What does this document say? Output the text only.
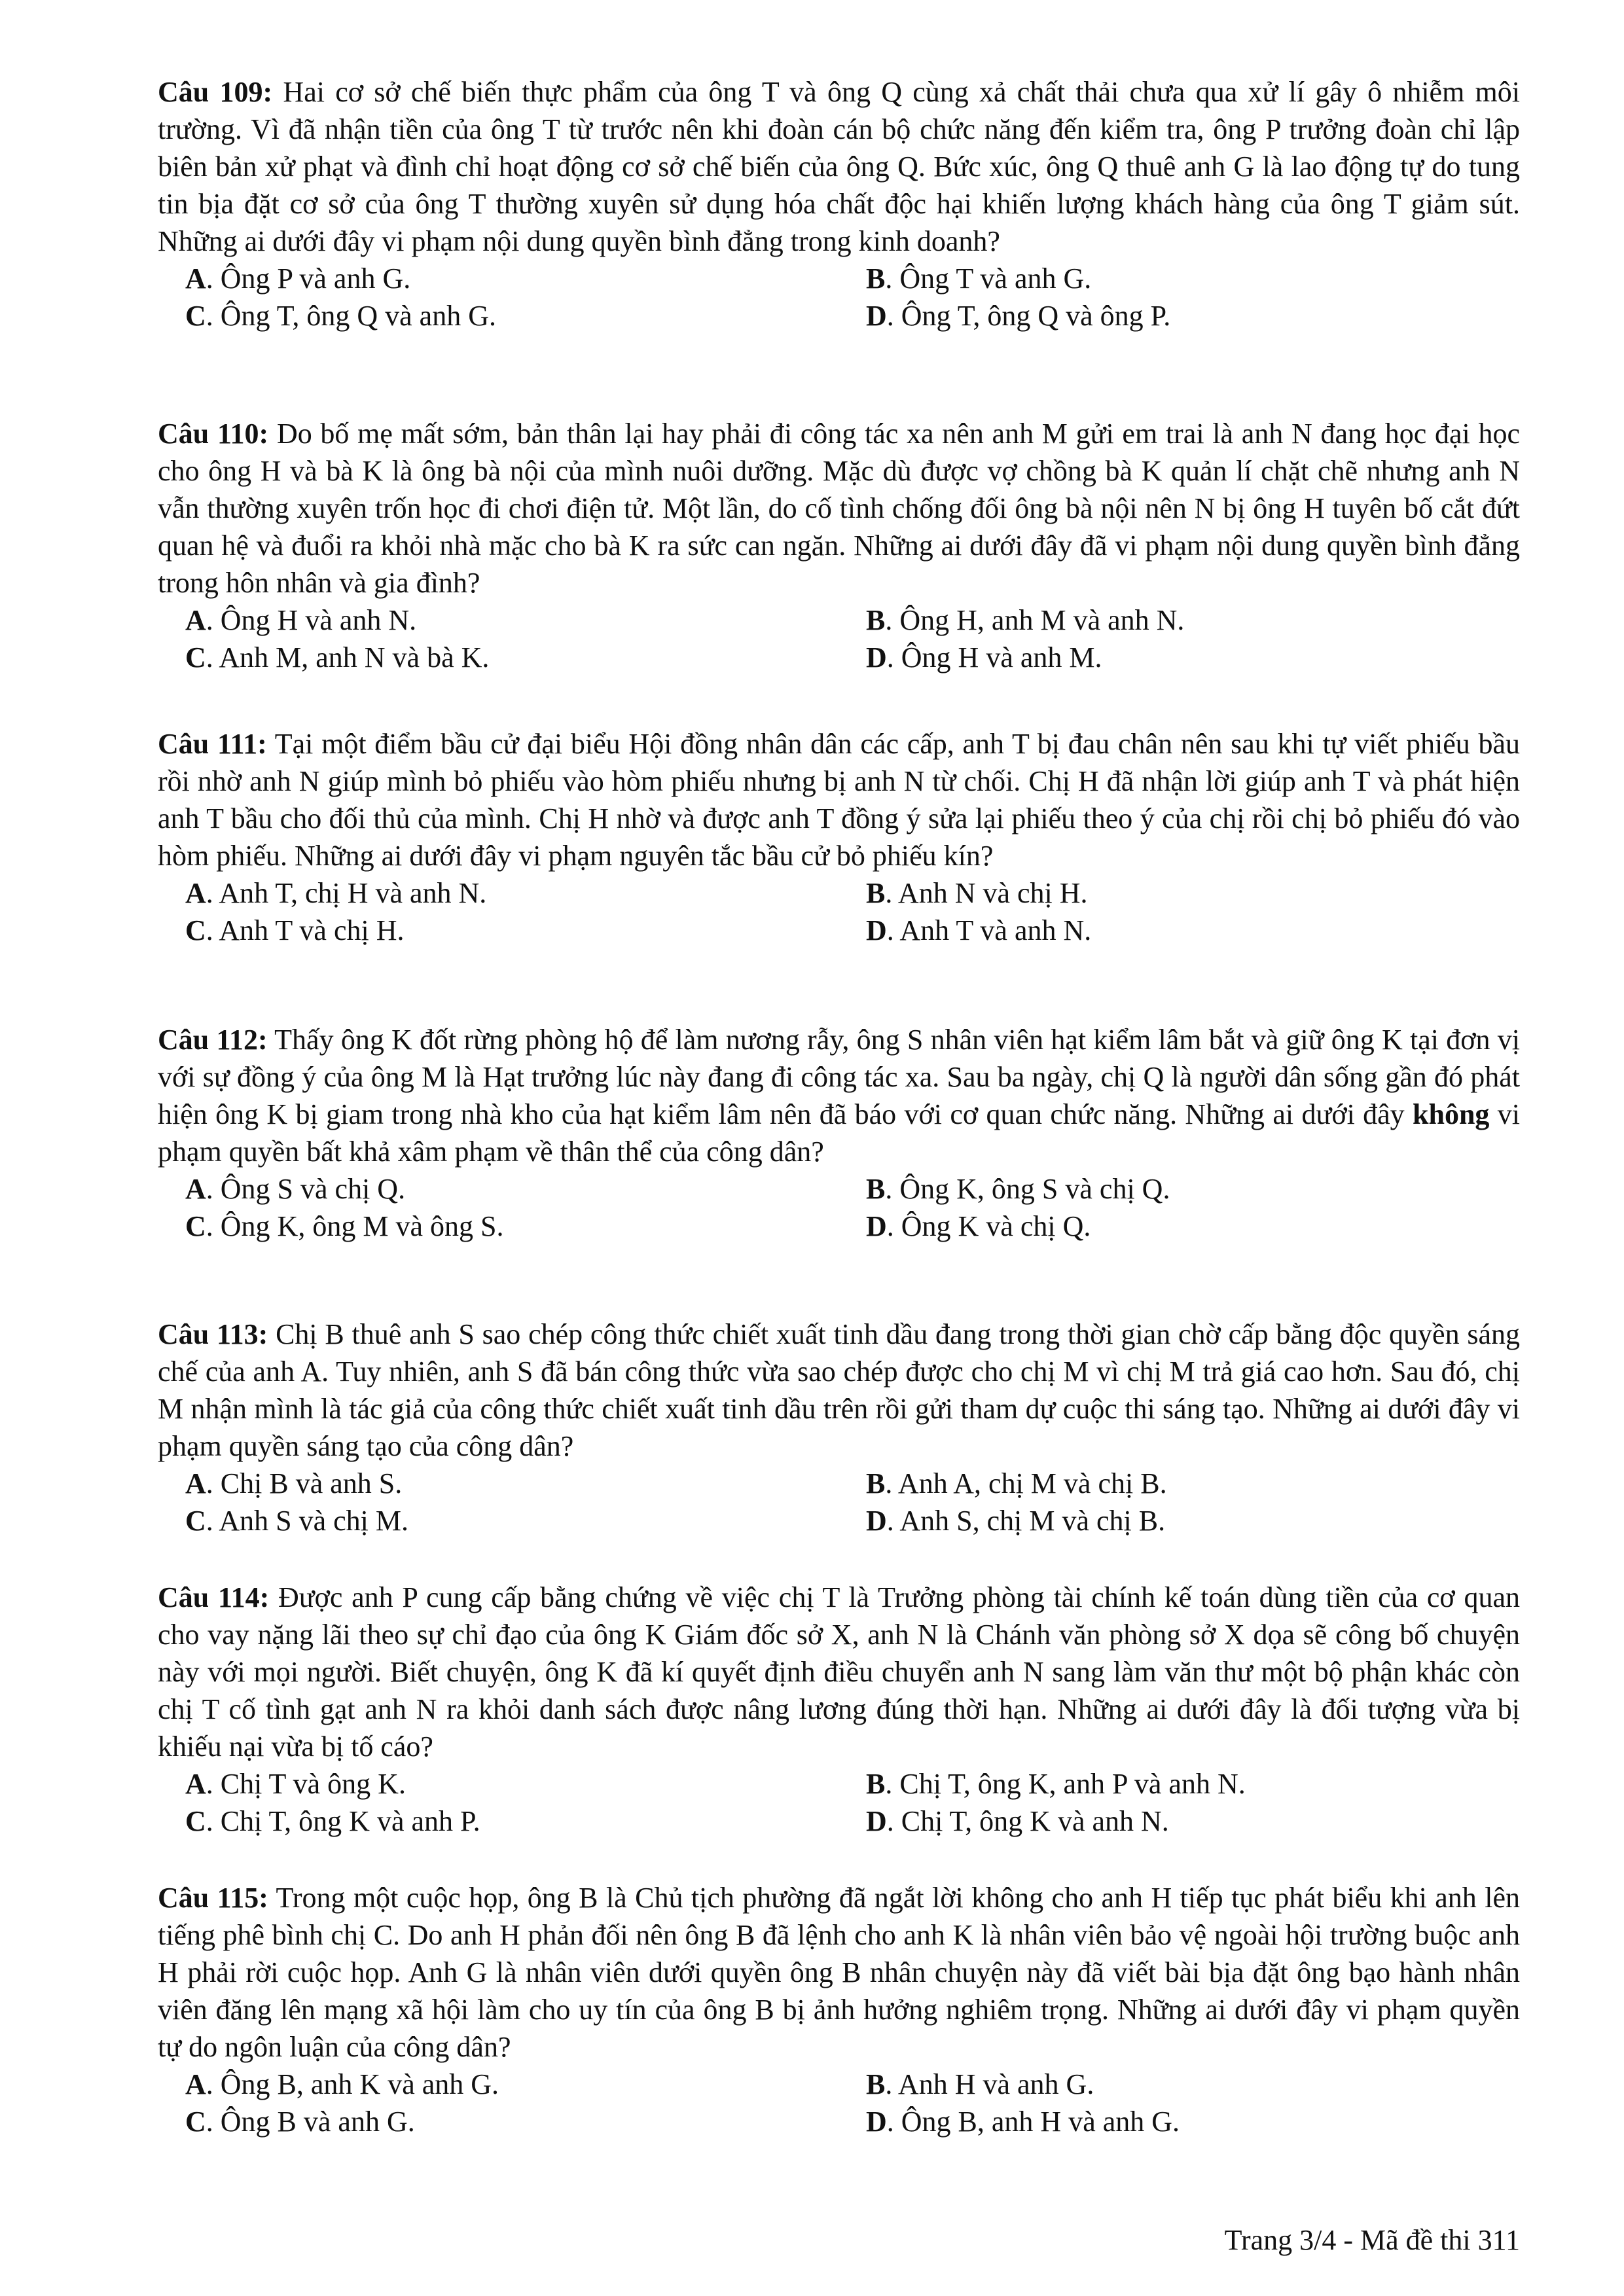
Câu 109: Hai cơ sở chế biến thực phẩm của ông T và ông Q cùng xả chất thải chưa qua xử lí gây ô nhiễm môi trường. Vì đã nhận tiền của ông T từ trước nên khi đoàn cán bộ chức năng đến kiểm tra, ông P trưởng đoàn chỉ lập biên bản xử phạt và đình chỉ hoạt động cơ sở chế biến của ông Q. Bức xúc, ông Q thuê anh G là lao động tự do tung tin bịa đặt cơ sở của ông T thường xuyên sử dụng hóa chất độc hại khiến lượng khách hàng của ông T giảm sút. Những ai dưới đây vi phạm nội dung quyền bình đẳng trong kinh doanh?

A. Ông P và anh G.	B. Ông T và anh G.
C. Ông T, ông Q và anh G.	D. Ông T, ông Q và ông P.

Câu 110: Do bố mẹ mất sớm, bản thân lại hay phải đi công tác xa nên anh M gửi em trai là anh N đang học đại học cho ông H và bà K là ông bà nội của mình nuôi dưỡng. Mặc dù được vợ chồng bà K quản lí chặt chẽ nhưng anh N vẫn thường xuyên trốn học đi chơi điện tử. Một lần, do cố tình chống đối ông bà nội nên N bị ông H tuyên bố cắt đứt quan hệ và đuổi ra khỏi nhà mặc cho bà K ra sức can ngăn. Những ai dưới đây đã vi phạm nội dung quyền bình đẳng trong hôn nhân và gia đình?

A. Ông H và anh N.	B. Ông H, anh M và anh N.
C. Anh M, anh N và bà K.	D. Ông H và anh M.

Câu 111: Tại một điểm bầu cử đại biểu Hội đồng nhân dân các cấp, anh T bị đau chân nên sau khi tự viết phiếu bầu rồi nhờ anh N giúp mình bỏ phiếu vào hòm phiếu nhưng bị anh N từ chối. Chị H đã nhận lời giúp anh T và phát hiện anh T bầu cho đối thủ của mình. Chị H nhờ và được anh T đồng ý sửa lại phiếu theo ý của chị rồi chị bỏ phiếu đó vào hòm phiếu. Những ai dưới đây vi phạm nguyên tắc bầu cử bỏ phiếu kín?

A. Anh T, chị H và anh N.	B. Anh N và chị H.
C. Anh T và chị H.	D. Anh T và anh N.

Câu 112: Thấy ông K đốt rừng phòng hộ để làm nương rẫy, ông S nhân viên hạt kiểm lâm bắt và giữ ông K tại đơn vị với sự đồng ý của ông M là Hạt trưởng lúc này đang đi công tác xa. Sau ba ngày, chị Q là người dân sống gần đó phát hiện ông K bị giam trong nhà kho của hạt kiểm lâm nên đã báo với cơ quan chức năng. Những ai dưới đây không vi phạm quyền bất khả xâm phạm về thân thể của công dân?

A. Ông S và chị Q.	B. Ông K, ông S và chị Q.
C. Ông K, ông M và ông S.	D. Ông K và chị Q.

Câu 113: Chị B thuê anh S sao chép công thức chiết xuất tinh dầu đang trong thời gian chờ cấp bằng độc quyền sáng chế của anh A. Tuy nhiên, anh S đã bán công thức vừa sao chép được cho chị M vì chị M trả giá cao hơn. Sau đó, chị M nhận mình là tác giả của công thức chiết xuất tinh dầu trên rồi gửi tham dự cuộc thi sáng tạo. Những ai dưới đây vi phạm quyền sáng tạo của công dân?

A. Chị B và anh S.	B. Anh A, chị M và chị B.
C. Anh S và chị M.	D. Anh S, chị M và chị B.

Câu 114: Được anh P cung cấp bằng chứng về việc chị T là Trưởng phòng tài chính kế toán dùng tiền của cơ quan cho vay nặng lãi theo sự chỉ đạo của ông K Giám đốc sở X, anh N là Chánh văn phòng sở X dọa sẽ công bố chuyện này với mọi người. Biết chuyện, ông K đã kí quyết định điều chuyển anh N sang làm văn thư một bộ phận khác còn chị T cố tình gạt anh N ra khỏi danh sách được nâng lương đúng thời hạn. Những ai dưới đây là đối tượng vừa bị khiếu nại vừa bị tố cáo?

A. Chị T và ông K.	B. Chị T, ông K, anh P và anh N.
C. Chị T, ông K và anh P.	D. Chị T, ông K và anh N.

Câu 115: Trong một cuộc họp, ông B là Chủ tịch phường đã ngắt lời không cho anh H tiếp tục phát biểu khi anh lên tiếng phê bình chị C. Do anh H phản đối nên ông B đã lệnh cho anh K là nhân viên bảo vệ ngoài hội trường buộc anh H phải rời cuộc họp. Anh G là nhân viên dưới quyền ông B nhân chuyện này đã viết bài bịa đặt ông bạo hành nhân viên đăng lên mạng xã hội làm cho uy tín của ông B bị ảnh hưởng nghiêm trọng. Những ai dưới đây vi phạm quyền tự do ngôn luận của công dân?

A. Ông B, anh K và anh G.	B. Anh H và anh G.
C. Ông B và anh G.	D. Ông B, anh H và anh G.
Trang 3/4 - Mã đề thi 311
